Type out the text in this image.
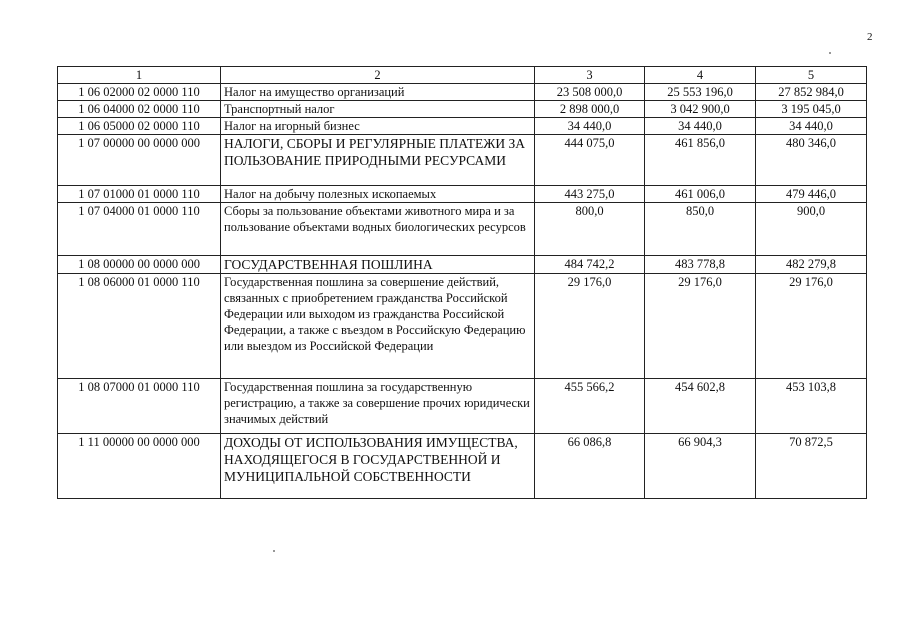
2
1	2	3	4	5
1 06 02000 02 0000 110	Налог на имущество организаций	23 508 000,0	25 553 196,0	27 852 984,0
1 06 04000 02 0000 110	Транспортный налог	2 898 000,0	3 042 900,0	3 195 045,0
1 06 05000 02 0000 110	Налог на игорный бизнес	34 440,0	34 440,0	34 440,0
1 07 00000 00 0000 000	НАЛОГИ, СБОРЫ И РЕГУЛЯРНЫЕ ПЛАТЕЖИ ЗА ПОЛЬЗОВАНИЕ ПРИРОДНЫМИ РЕСУРСАМИ	444 075,0	461 856,0	480 346,0
1 07 01000 01 0000 110	Налог на добычу полезных ископаемых	443 275,0	461 006,0	479 446,0
1 07 04000 01 0000 110	Сборы за пользование объектами животного мира и за пользование объектами водных биологических ресурсов	800,0	850,0	900,0
1 08 00000 00 0000 000	ГОСУДАРСТВЕННАЯ ПОШЛИНА	484 742,2	483 778,8	482 279,8
1 08 06000 01 0000 110	Государственная пошлина за совершение действий, связанных с приобретением гражданства Российской Федерации или выходом из гражданства Российской Федерации, а также с въездом в Российскую Федерацию или выездом из Российской Федерации	29 176,0	29 176,0	29 176,0
1 08 07000 01 0000 110	Государственная пошлина за государственную регистрацию, а также за совершение прочих юридически значимых действий	455 566,2	454 602,8	453 103,8
1 11 00000 00 0000 000	ДОХОДЫ ОТ ИСПОЛЬЗОВАНИЯ ИМУЩЕСТВА, НАХОДЯЩЕГОСЯ В ГОСУДАРСТВЕННОЙ И МУНИЦИПАЛЬНОЙ СОБСТВЕННОСТИ	66 086,8	66 904,3	70 872,5
